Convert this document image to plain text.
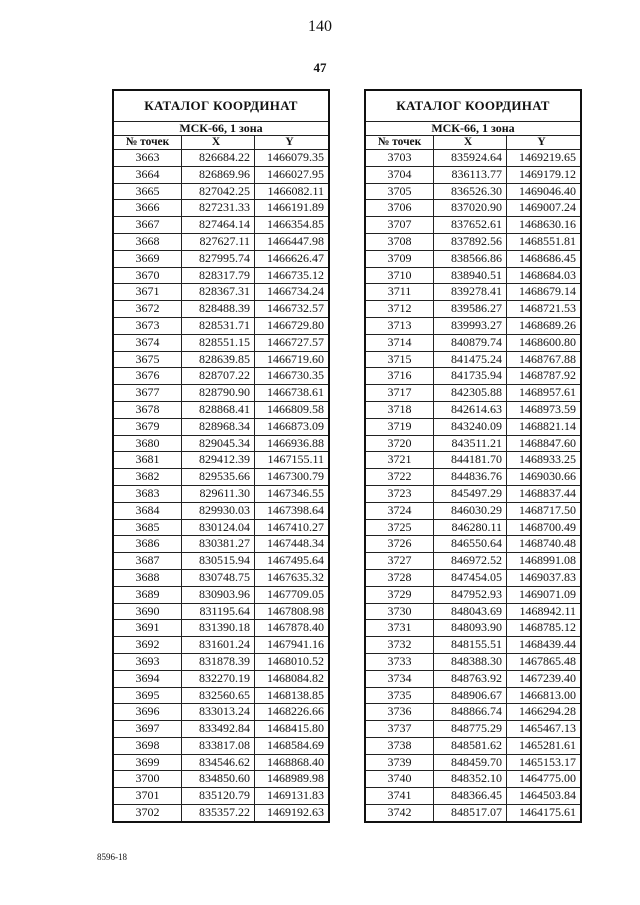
140
47
КАТАЛОГ КООРДИНАТ		
МСК-66, 1 зона		
№ точек	X	Y
3663	826684.22	1466079.35
3664	826869.96	1466027.95
3665	827042.25	1466082.11
3666	827231.33	1466191.89
3667	827464.14	1466354.85
3668	827627.11	1466447.98
3669	827995.74	1466626.47
3670	828317.79	1466735.12
3671	828367.31	1466734.24
3672	828488.39	1466732.57
3673	828531.71	1466729.80
3674	828551.15	1466727.57
3675	828639.85	1466719.60
3676	828707.22	1466730.35
3677	828790.90	1466738.61
3678	828868.41	1466809.58
3679	828968.34	1466873.09
3680	829045.34	1466936.88
3681	829412.39	1467155.11
3682	829535.66	1467300.79
3683	829611.30	1467346.55
3684	829930.03	1467398.64
3685	830124.04	1467410.27
3686	830381.27	1467448.34
3687	830515.94	1467495.64
3688	830748.75	1467635.32
3689	830903.96	1467709.05
3690	831195.64	1467808.98
3691	831390.18	1467878.40
3692	831601.24	1467941.16
3693	831878.39	1468010.52
3694	832270.19	1468084.82
3695	832560.65	1468138.85
3696	833013.24	1468226.66
3697	833492.84	1468415.80
3698	833817.08	1468584.69
3699	834546.62	1468868.40
3700	834850.60	1468989.98
3701	835120.79	1469131.83
3702	835357.22	1469192.63
КАТАЛОГ КООРДИНАТ		
МСК-66, 1 зона		
№ точек	X	Y
3703	835924.64	1469219.65
3704	836113.77	1469179.12
3705	836526.30	1469046.40
3706	837020.90	1469007.24
3707	837652.61	1468630.16
3708	837892.56	1468551.81
3709	838566.86	1468686.45
3710	838940.51	1468684.03
3711	839278.41	1468679.14
3712	839586.27	1468721.53
3713	839993.27	1468689.26
3714	840879.74	1468600.80
3715	841475.24	1468767.88
3716	841735.94	1468787.92
3717	842305.88	1468957.61
3718	842614.63	1468973.59
3719	843240.09	1468821.14
3720	843511.21	1468847.60
3721	844181.70	1468933.25
3722	844836.76	1469030.66
3723	845497.29	1468837.44
3724	846030.29	1468717.50
3725	846280.11	1468700.49
3726	846550.64	1468740.48
3727	846972.52	1468991.08
3728	847454.05	1469037.83
3729	847952.93	1469071.09
3730	848043.69	1468942.11
3731	848093.90	1468785.12
3732	848155.51	1468439.44
3733	848388.30	1467865.48
3734	848763.92	1467239.40
3735	848906.67	1466813.00
3736	848866.74	1466294.28
3737	848775.29	1465467.13
3738	848581.62	1465281.61
3739	848459.70	1465153.17
3740	848352.10	1464775.00
3741	848366.45	1464503.84
3742	848517.07	1464175.61
8596-18
